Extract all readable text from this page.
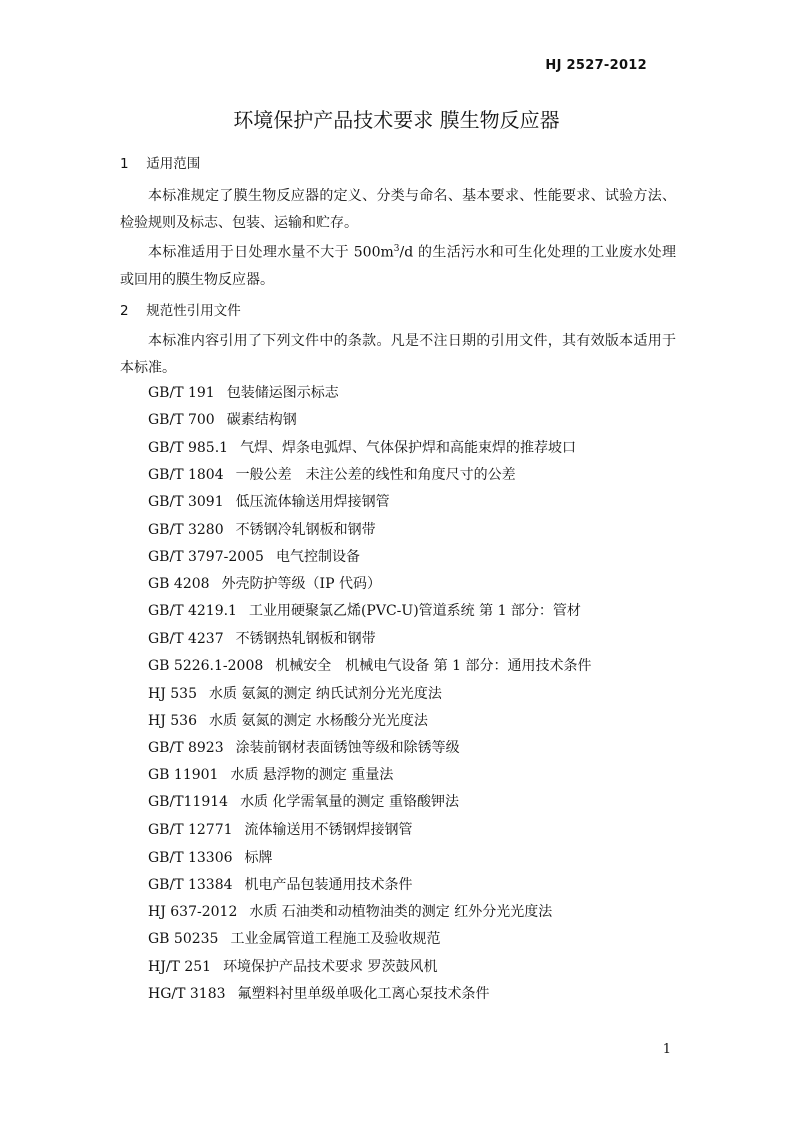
HJ 2527-2012
环境保护产品技术要求 膜生物反应器
1 适用范围
本标准规定了膜生物反应器的定义、分类与命名、基本要求、性能要求、试验方法、检验规则及标志、包装、运输和贮存。
本标准适用于日处理水量不大于 $500m^3/d$ 的生活污水和可生化处理的工业废水处理或回用的膜生物反应器。
2 规范性引用文件
本标准内容引用了下列文件中的条款。凡是不注日期的引用文件，其有效版本适用于本标准。
GB/T 191 包装储运图示标志
GB/T 700 碳素结构钢
GB/T 985.1 气焊、焊条电弧焊、气体保护焊和高能束焊的推荐坡口
GB/T 1804 一般公差　未注公差的线性和角度尺寸的公差
GB/T 3091 低压流体输送用焊接钢管
GB/T 3280 不锈钢冷轧钢板和钢带
GB/T 3797-2005 电气控制设备
GB 4208 外壳防护等级（IP 代码）
GB/T 4219.1 工业用硬聚氯乙烯(PVC-U)管道系统 第 1 部分：管材
GB/T 4237 不锈钢热轧钢板和钢带
GB 5226.1-2008 机械安全　机械电气设备 第 1 部分：通用技术条件
HJ 535 水质 氨氮的测定 纳氏试剂分光光度法
HJ 536 水质 氨氮的测定 水杨酸分光光度法
GB/T 8923 涂装前钢材表面锈蚀等级和除锈等级
GB 11901 水质 悬浮物的测定 重量法
GB/T11914 水质 化学需氧量的测定 重铬酸钾法
GB/T 12771 流体输送用不锈钢焊接钢管
GB/T 13306 标牌
GB/T 13384 机电产品包装通用技术条件
HJ 637-2012 水质 石油类和动植物油类的测定 红外分光光度法
GB 50235 工业金属管道工程施工及验收规范
HJ/T 251 环境保护产品技术要求 罗茨鼓风机
HG/T 3183 氟塑料衬里单级单吸化工离心泵技术条件
1
